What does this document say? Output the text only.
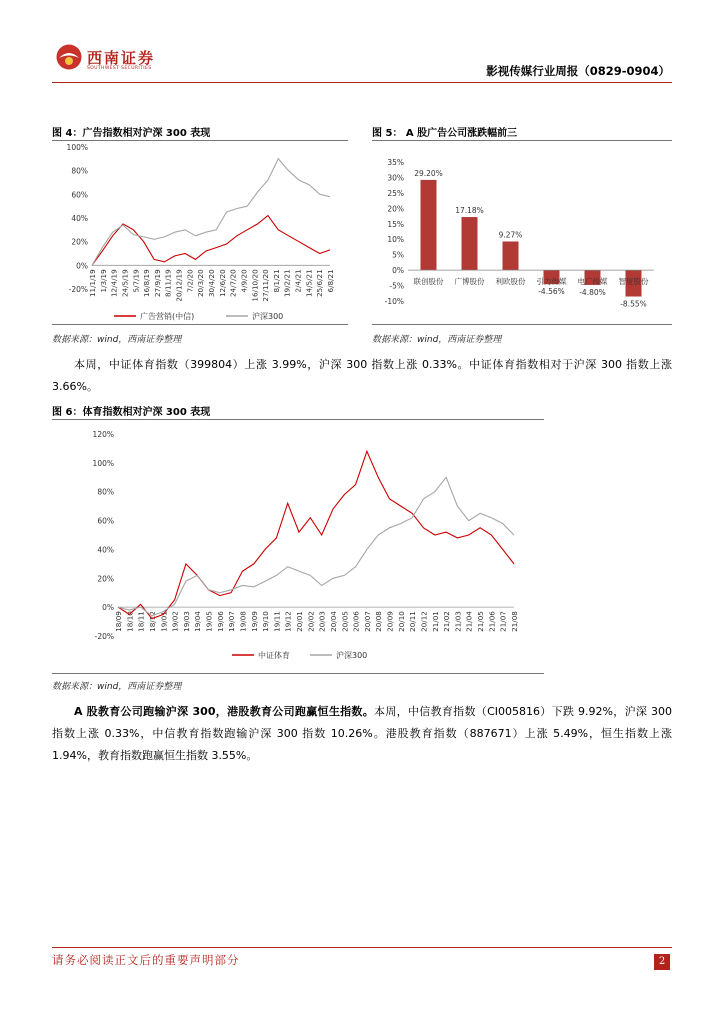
西南证券
SOUTHWEST SECURITIES	影视传媒行业周报（0829-0904）
图 4：广告指数相对沪深 300 表现
100%
80%
60%
40%
20%
0%
-20% 11/1/19 1/3/19 12/4/19 24/5/19 5/7/19 16/8/19 27/9/19 8/11/19 20/12/19 7/2/20 20/3/20 30/4/20 12/6/20 24/7/20 4/9/20 16/10/20 27/11/20 8/1/21 19/2/21 2/4/21 14/5/21 25/6/21 6/8/21
广告营销(中信)	沪深300
数据来源：wind，西南证券整理
图 5： A 股广告公司涨跌幅前三
35%
30%
25%
20%
15%
10%
5%
0%
-5%
-10%
29.20%
联创股份
17.18%
广博股份
9.27%
利欧股份
-4.56%
引力传媒
-4.80%
电广传媒
-8.55%
智度股份
数据来源：wind，西南证券整理
本周，中证体育指数（399804）上涨 3.99%，沪深 300 指数上涨 0.33%。中证体育指数相对于沪深 300 指数上涨 3.66%。
图 6：体育指数相对沪深 300 表现
120%
100%
80%
60%
40%
20%
0%
-20%
18/09 18/10 18/11 18/12 19/01 19/02 19/03 19/04 19/05 19/06 19/07 19/08 19/09 19/10 19/11 19/12 20/01 20/02 20/03 20/04 20/05 20/06 20/07 20/08 20/09 20/10 20/11 20/12 21/01 21/02 21/03 21/04 21/05 21/06 21/07 21/08
中证体育	沪深300
数据来源：wind，西南证券整理
A 股教育公司跑输沪深 300，港股教育公司跑赢恒生指数。本周，中信教育指数（CI005816）下跌 9.92%，沪深 300 指数上涨 0.33%，中信教育指数跑输沪深 300 指数 10.26%。港股教育指数（887671）上涨 5.49%，恒生指数上涨 1.94%，教育指数跑赢恒生指数 3.55%。
请务必阅读正文后的重要声明部分	2
